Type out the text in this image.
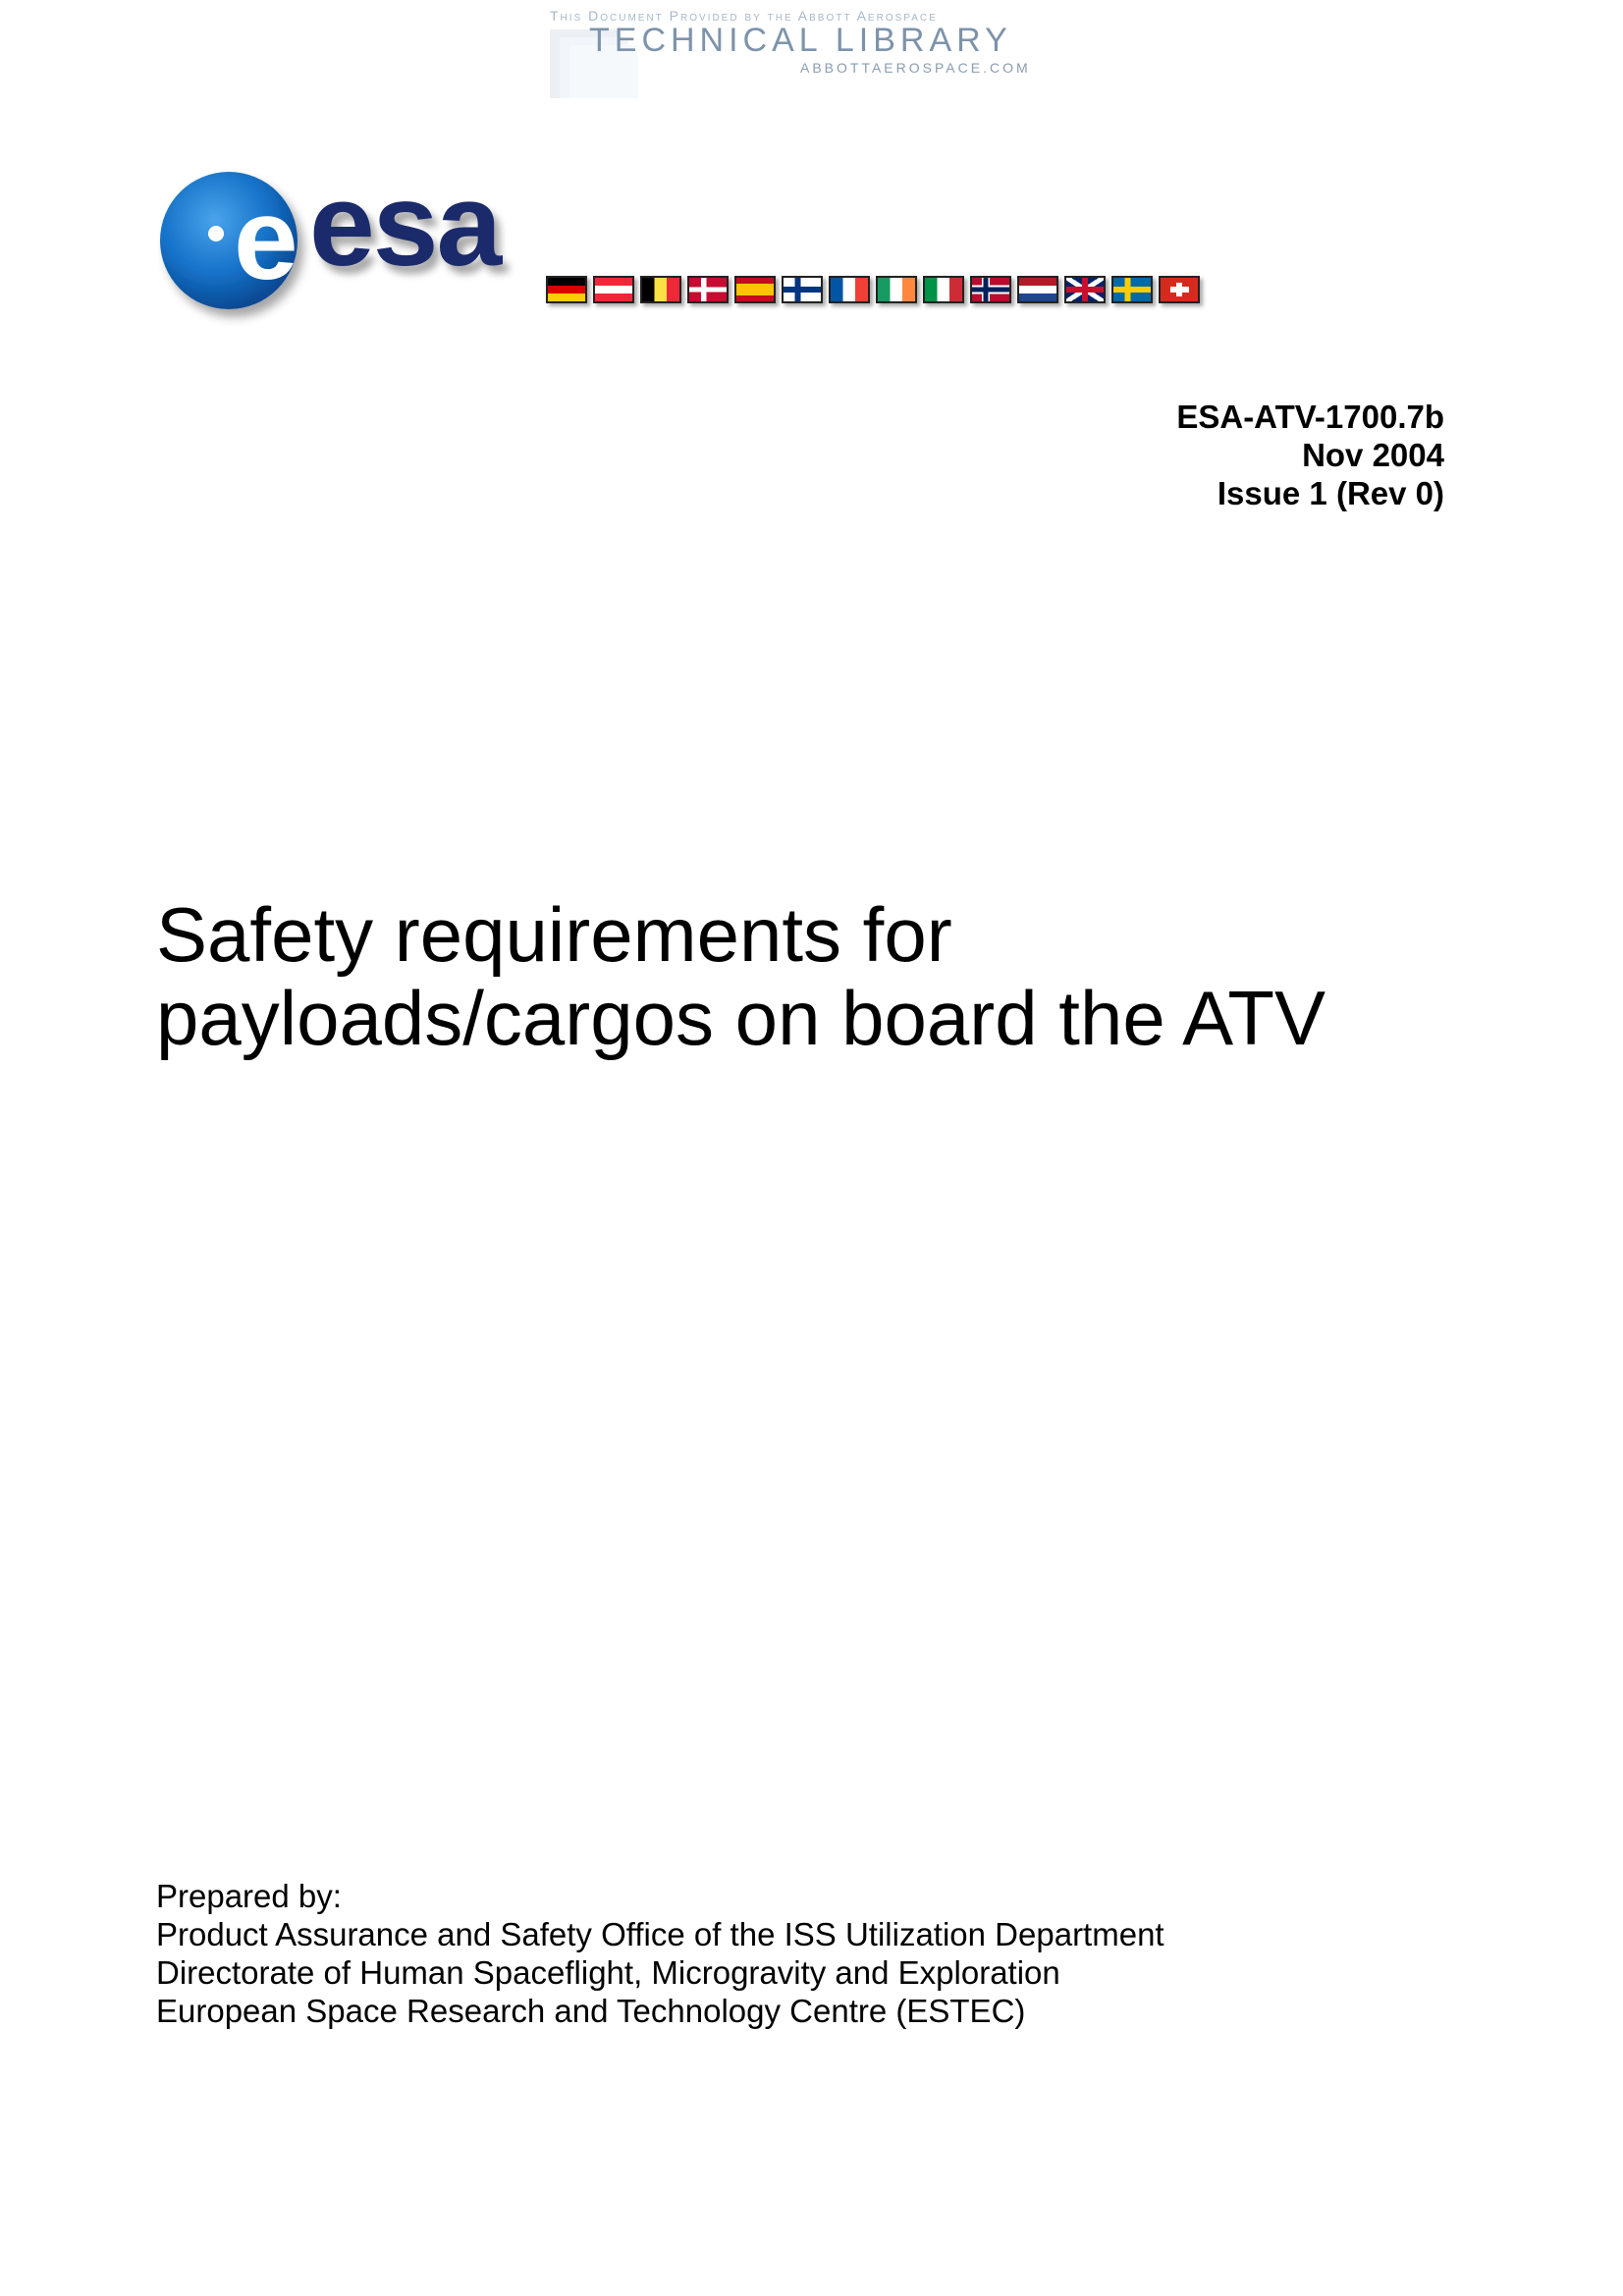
This Document Provided by the Abbott Aerospace
TECHNICAL LIBRARY
ABBOTTAEROSPACE.COM
e esa
ESA-ATV-1700.7b
Nov 2004
Issue 1 (Rev 0)
Safety requirements for
payloads/cargos on board the ATV
Prepared by:
Product Assurance and Safety Office of the ISS Utilization Department
Directorate of Human Spaceflight, Microgravity and Exploration
European Space Research and Technology Centre (ESTEC)
